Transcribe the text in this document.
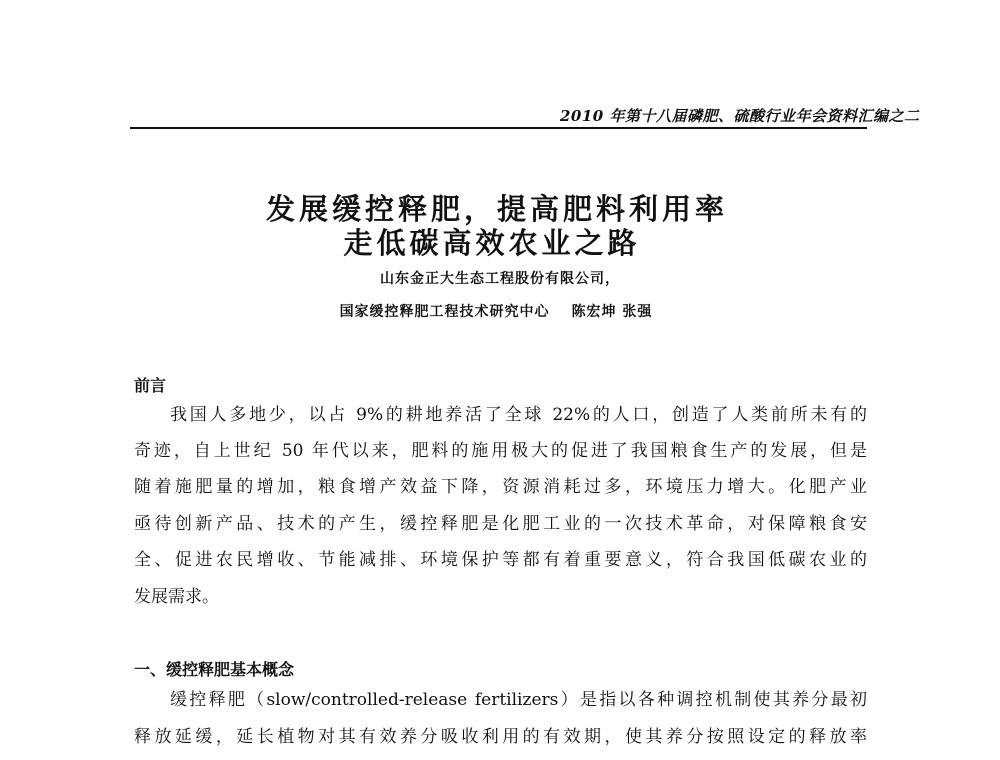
2010 年第十八届磷肥、硫酸行业年会资料汇编之二
发展缓控释肥，提高肥料利用率
走低碳高效农业之路
山东金正大生态工程股份有限公司，
国家缓控释肥工程技术研究中心 陈宏坤 张强
前言
我国人多地少，以占 9%的耕地养活了全球 22%的人口，创造了人类前所未有的
奇迹，自上世纪 50 年代以来，肥料的施用极大的促进了我国粮食生产的发展，但是
随着施肥量的增加，粮食增产效益下降，资源消耗过多，环境压力增大。化肥产业
亟待创新产品、技术的产生，缓控释肥是化肥工业的一次技术革命，对保障粮食安
全、促进农民增收、节能减排、环境保护等都有着重要意义，符合我国低碳农业的
发展需求。
一、缓控释肥基本概念
缓控释肥（slow/controlled-release fertilizers）是指以各种调控机制使其养分最初
释放延缓，延长植物对其有效养分吸收利用的有效期，使其养分按照设定的释放率
